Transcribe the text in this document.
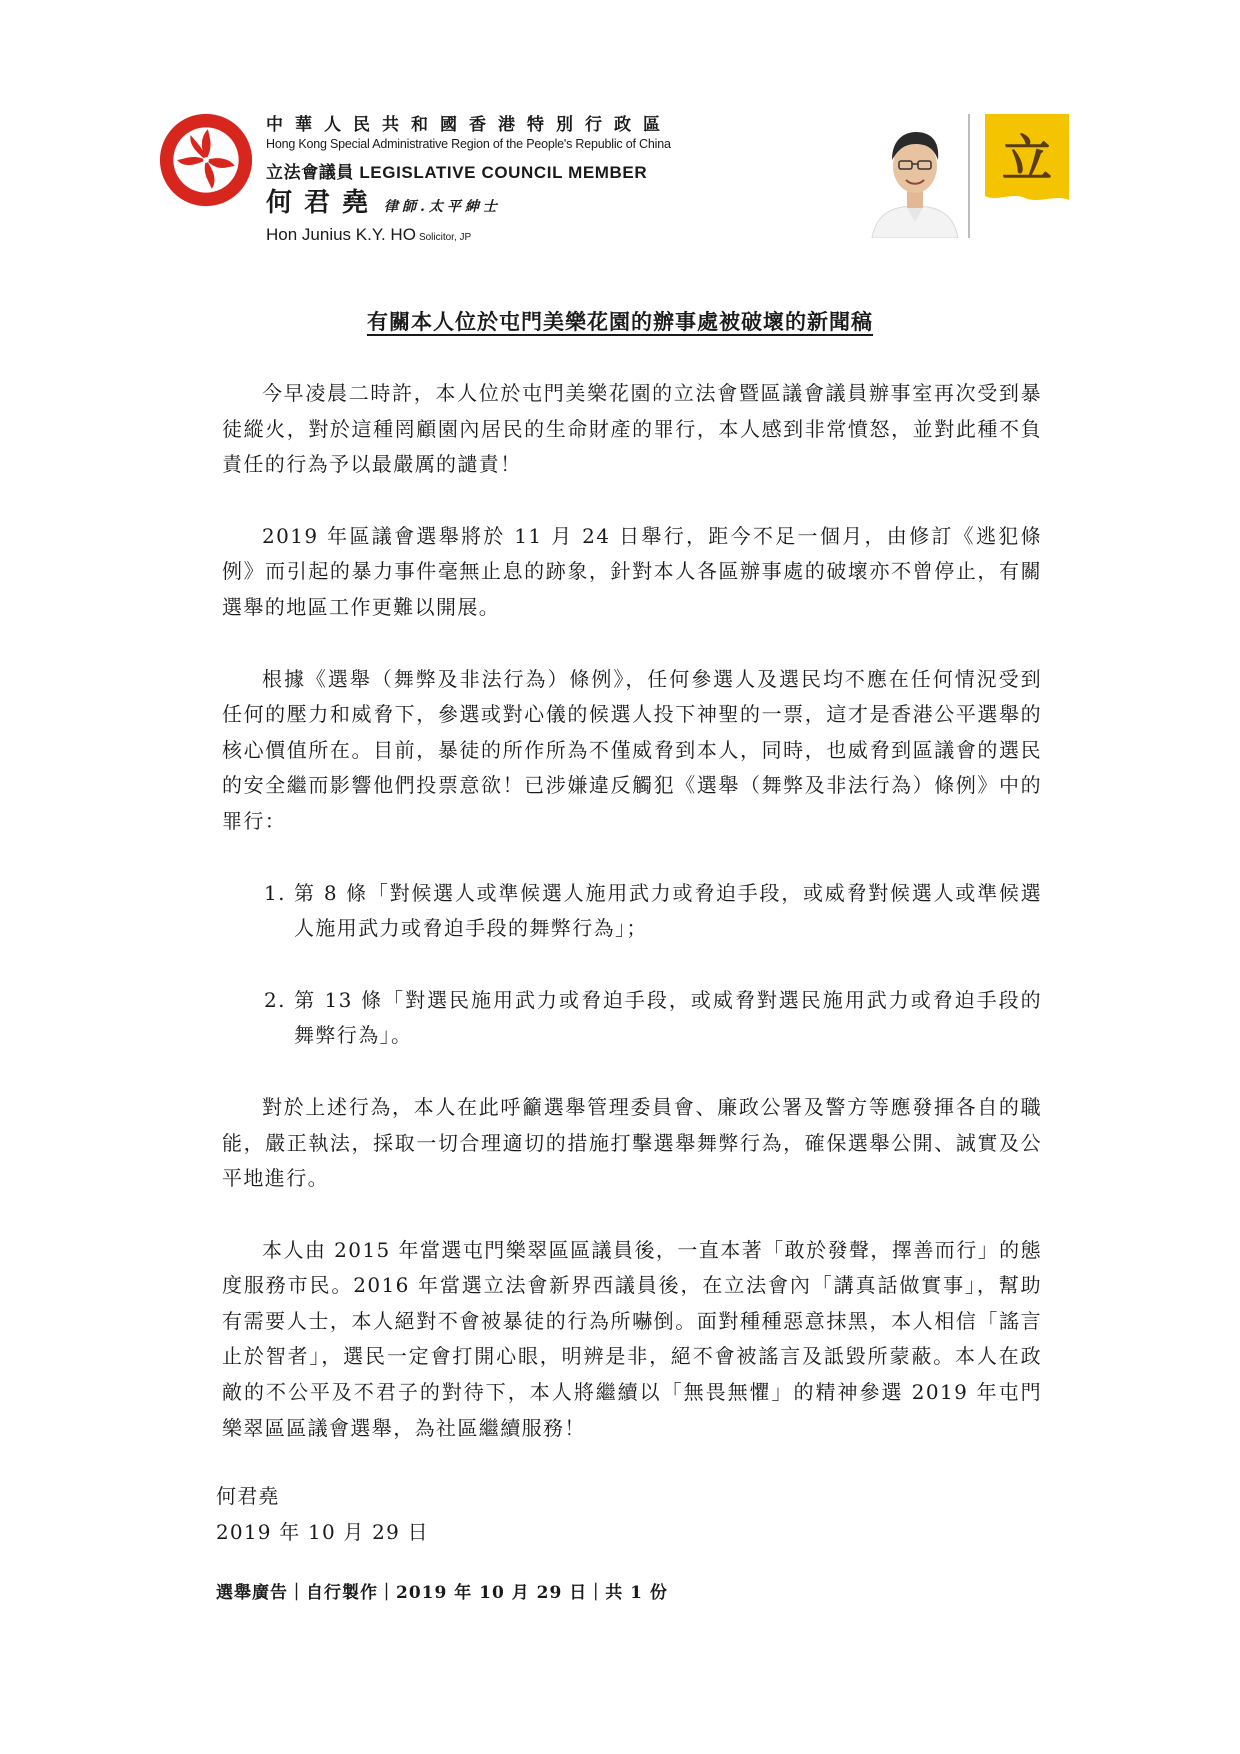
中華人民共和國香港特別行政區

Hong Kong Special Administrative Region of the People's Republic of China

立法會議員 LEGISLATIVE COUNCIL MEMBER

何君堯 律師.太平紳士

Hon Junius K.Y. HO Solicitor, JP

立
有關本人位於屯門美樂花園的辦事處被破壞的新聞稿

今早凌晨二時許，本人位於屯門美樂花園的立法會暨區議會議員辦事室再次受到暴徒縱火，對於這種罔顧園內居民的生命財產的罪行，本人感到非常憤怒，並對此種不負責任的行為予以最嚴厲的譴責！

2019 年區議會選舉將於 11 月 24 日舉行，距今不足一個月，由修訂《逃犯條例》而引起的暴力事件毫無止息的跡象，針對本人各區辦事處的破壞亦不曾停止，有關選舉的地區工作更難以開展。

根據《選舉（舞弊及非法行為）條例》，任何參選人及選民均不應在任何情況受到任何的壓力和威脅下，參選或對心儀的候選人投下神聖的一票，這才是香港公平選舉的核心價值所在。目前，暴徒的所作所為不僅威脅到本人，同時，也威脅到區議會的選民的安全繼而影響他們投票意欲！已涉嫌違反觸犯《選舉（舞弊及非法行為）條例》中的罪行：

1. 第 8 條「對候選人或準候選人施用武力或脅迫手段，或威脅對候選人或準候選人施用武力或脅迫手段的舞弊行為」；

2. 第 13 條「對選民施用武力或脅迫手段，或威脅對選民施用武力或脅迫手段的舞弊行為」。

對於上述行為，本人在此呼籲選舉管理委員會、廉政公署及警方等應發揮各自的職能，嚴正執法，採取一切合理適切的措施打擊選舉舞弊行為，確保選舉公開、誠實及公平地進行。

本人由 2015 年當選屯門樂翠區區議員後，一直本著「敢於發聲，擇善而行」的態度服務市民。2016 年當選立法會新界西議員後，在立法會內「講真話做實事」，幫助有需要人士，本人絕對不會被暴徒的行為所嚇倒。面對種種惡意抹黑，本人相信「謠言止於智者」，選民一定會打開心眼，明辨是非，絕不會被謠言及詆毀所蒙蔽。本人在政敵的不公平及不君子的對待下，本人將繼續以「無畏無懼」的精神參選 2019 年屯門樂翠區區議會選舉，為社區繼續服務！

何君堯
2019 年 10 月 29 日
選舉廣告｜自行製作｜2019 年 10 月 29 日｜共 1 份
